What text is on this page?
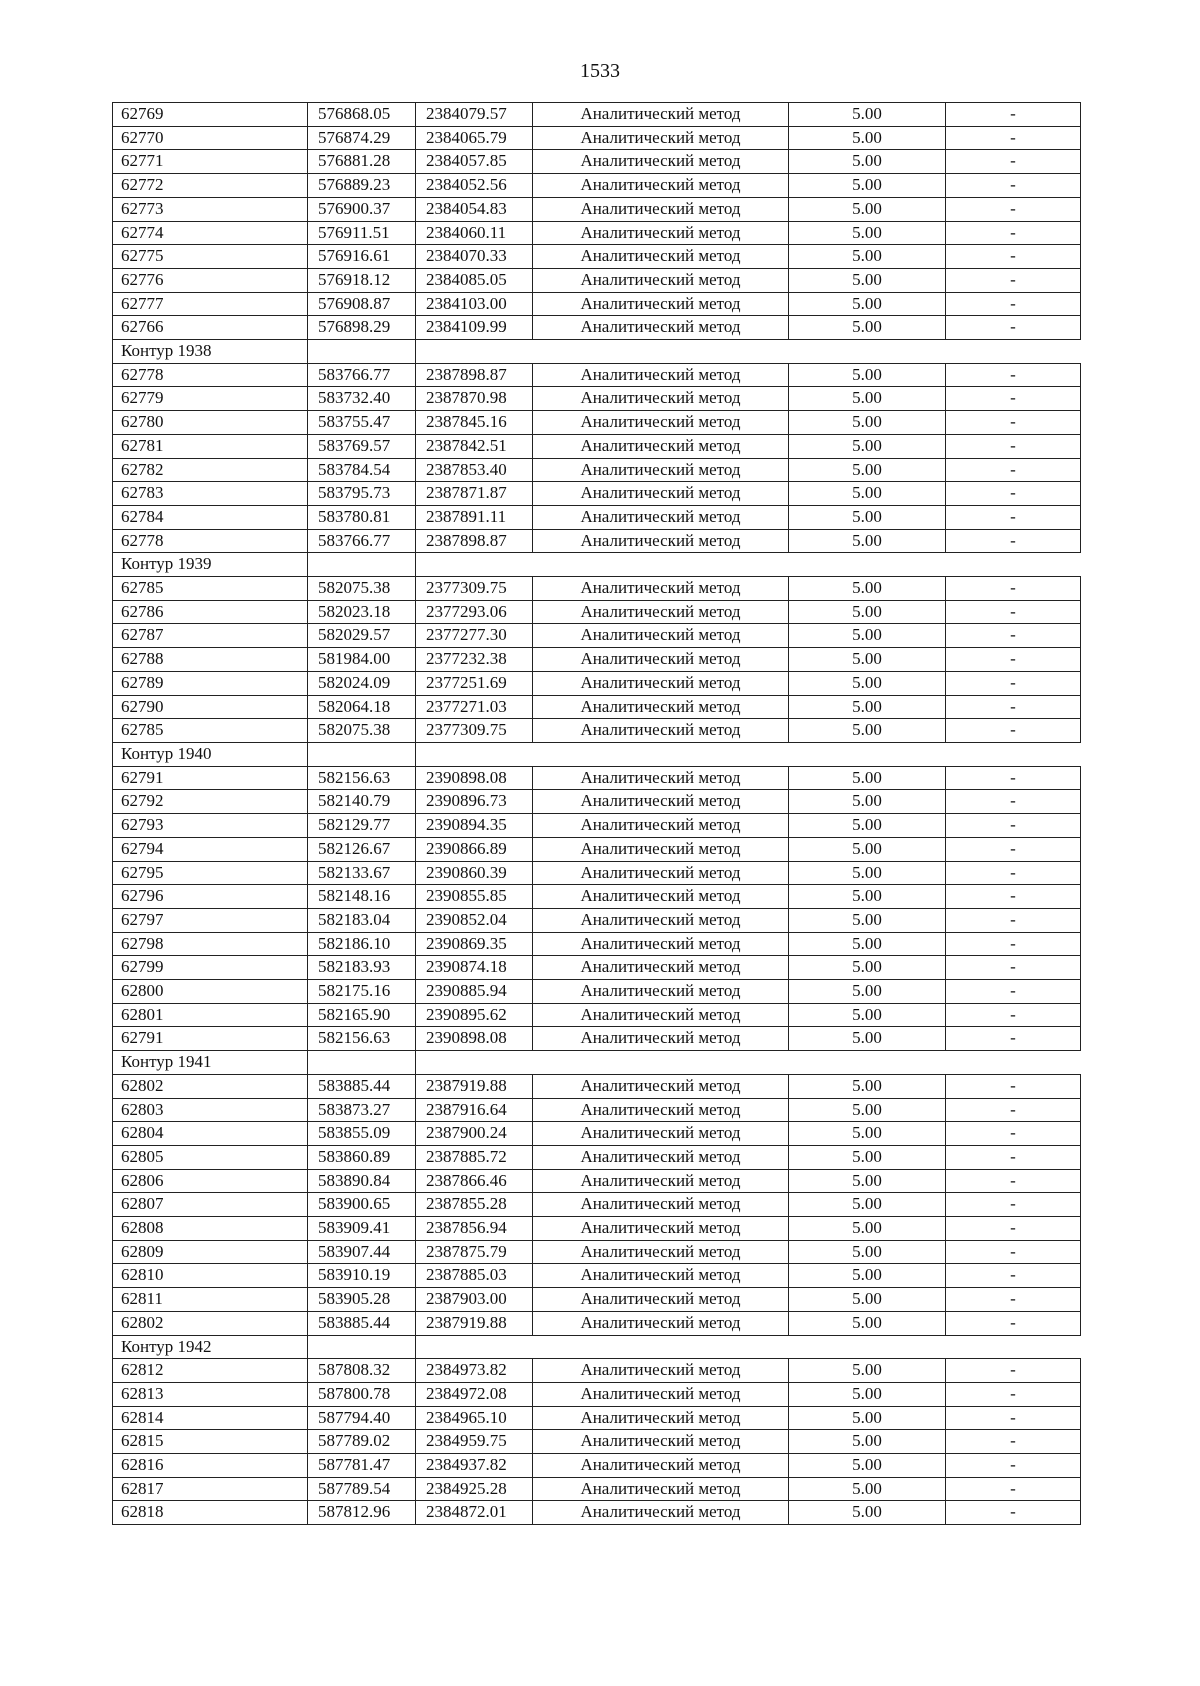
1533
62769	576868.05	2384079.57	Аналитический метод	5.00	-
62770	576874.29	2384065.79	Аналитический метод	5.00	-
62771	576881.28	2384057.85	Аналитический метод	5.00	-
62772	576889.23	2384052.56	Аналитический метод	5.00	-
62773	576900.37	2384054.83	Аналитический метод	5.00	-
62774	576911.51	2384060.11	Аналитический метод	5.00	-
62775	576916.61	2384070.33	Аналитический метод	5.00	-
62776	576918.12	2384085.05	Аналитический метод	5.00	-
62777	576908.87	2384103.00	Аналитический метод	5.00	-
62766	576898.29	2384109.99	Аналитический метод	5.00	-
Контур 1938					
62778	583766.77	2387898.87	Аналитический метод	5.00	-
62779	583732.40	2387870.98	Аналитический метод	5.00	-
62780	583755.47	2387845.16	Аналитический метод	5.00	-
62781	583769.57	2387842.51	Аналитический метод	5.00	-
62782	583784.54	2387853.40	Аналитический метод	5.00	-
62783	583795.73	2387871.87	Аналитический метод	5.00	-
62784	583780.81	2387891.11	Аналитический метод	5.00	-
62778	583766.77	2387898.87	Аналитический метод	5.00	-
Контур 1939					
62785	582075.38	2377309.75	Аналитический метод	5.00	-
62786	582023.18	2377293.06	Аналитический метод	5.00	-
62787	582029.57	2377277.30	Аналитический метод	5.00	-
62788	581984.00	2377232.38	Аналитический метод	5.00	-
62789	582024.09	2377251.69	Аналитический метод	5.00	-
62790	582064.18	2377271.03	Аналитический метод	5.00	-
62785	582075.38	2377309.75	Аналитический метод	5.00	-
Контур 1940					
62791	582156.63	2390898.08	Аналитический метод	5.00	-
62792	582140.79	2390896.73	Аналитический метод	5.00	-
62793	582129.77	2390894.35	Аналитический метод	5.00	-
62794	582126.67	2390866.89	Аналитический метод	5.00	-
62795	582133.67	2390860.39	Аналитический метод	5.00	-
62796	582148.16	2390855.85	Аналитический метод	5.00	-
62797	582183.04	2390852.04	Аналитический метод	5.00	-
62798	582186.10	2390869.35	Аналитический метод	5.00	-
62799	582183.93	2390874.18	Аналитический метод	5.00	-
62800	582175.16	2390885.94	Аналитический метод	5.00	-
62801	582165.90	2390895.62	Аналитический метод	5.00	-
62791	582156.63	2390898.08	Аналитический метод	5.00	-
Контур 1941					
62802	583885.44	2387919.88	Аналитический метод	5.00	-
62803	583873.27	2387916.64	Аналитический метод	5.00	-
62804	583855.09	2387900.24	Аналитический метод	5.00	-
62805	583860.89	2387885.72	Аналитический метод	5.00	-
62806	583890.84	2387866.46	Аналитический метод	5.00	-
62807	583900.65	2387855.28	Аналитический метод	5.00	-
62808	583909.41	2387856.94	Аналитический метод	5.00	-
62809	583907.44	2387875.79	Аналитический метод	5.00	-
62810	583910.19	2387885.03	Аналитический метод	5.00	-
62811	583905.28	2387903.00	Аналитический метод	5.00	-
62802	583885.44	2387919.88	Аналитический метод	5.00	-
Контур 1942					
62812	587808.32	2384973.82	Аналитический метод	5.00	-
62813	587800.78	2384972.08	Аналитический метод	5.00	-
62814	587794.40	2384965.10	Аналитический метод	5.00	-
62815	587789.02	2384959.75	Аналитический метод	5.00	-
62816	587781.47	2384937.82	Аналитический метод	5.00	-
62817	587789.54	2384925.28	Аналитический метод	5.00	-
62818	587812.96	2384872.01	Аналитический метод	5.00	-
